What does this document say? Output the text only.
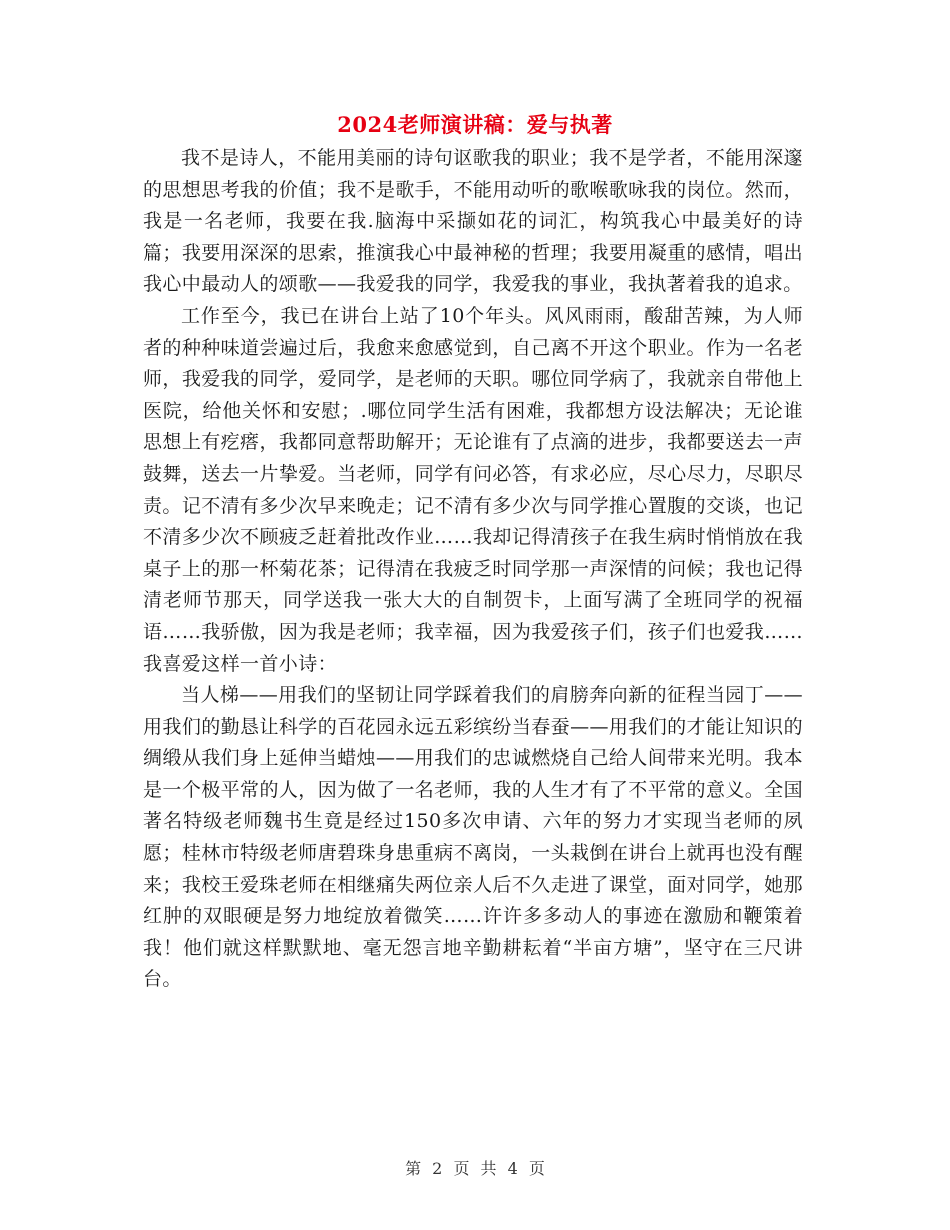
2024老师演讲稿：爱与执著

我不是诗人，不能用美丽的诗句讴歌我的职业；我不是学者，不能用深邃的思想思考我的价值；我不是歌手，不能用动听的歌喉歌咏我的岗位。然而，我是一名老师，我要在我.脑海中采撷如花的词汇，构筑我心中最美好的诗篇；我要用深深的思索，推演我心中最神秘的哲理；我要用凝重的感情，唱出我心中最动人的颂歌——我爱我的同学，我爱我的事业，我执著着我的追求。

工作至今，我已在讲台上站了10个年头。风风雨雨，酸甜苦辣，为人师者的种种味道尝遍过后，我愈来愈感觉到，自己离不开这个职业。作为一名老师，我爱我的同学，爱同学，是老师的天职。哪位同学病了，我就亲自带他上医院，给他关怀和安慰；.哪位同学生活有困难，我都想方设法解决；无论谁思想上有疙瘩，我都同意帮助解开；无论谁有了点滴的进步，我都要送去一声鼓舞，送去一片挚爱。当老师，同学有问必答，有求必应，尽心尽力，尽职尽责。记不清有多少次早来晚走；记不清有多少次与同学推心置腹的交谈，也记不清多少次不顾疲乏赶着批改作业……我却记得清孩子在我生病时悄悄放在我桌子上的那一杯菊花茶；记得清在我疲乏时同学那一声深情的问候；我也记得清老师节那天，同学送我一张大大的自制贺卡，上面写满了全班同学的祝福语……我骄傲，因为我是老师；我幸福，因为我爱孩子们，孩子们也爱我……我喜爱这样一首小诗：

当人梯——用我们的坚韧让同学踩着我们的肩膀奔向新的征程当园丁——用我们的勤恳让科学的百花园永远五彩缤纷当春蚕——用我们的才能让知识的绸缎从我们身上延伸当蜡烛——用我们的忠诚燃烧自己给人间带来光明。我本是一个极平常的人，因为做了一名老师，我的人生才有了不平常的意义。全国著名特级老师魏书生竟是经过150多次申请、六年的努力才实现当老师的夙愿；桂林市特级老师唐碧珠身患重病不离岗，一头栽倒在讲台上就再也没有醒来；我校王爱珠老师在相继痛失两位亲人后不久走进了课堂，面对同学，她那红肿的双眼硬是努力地绽放着微笑……许许多多动人的事迹在激励和鞭策着我！他们就这样默默地、毫无怨言地辛勤耕耘着“半亩方塘”，坚守在三尺讲台。

第 2 页 共 4 页
